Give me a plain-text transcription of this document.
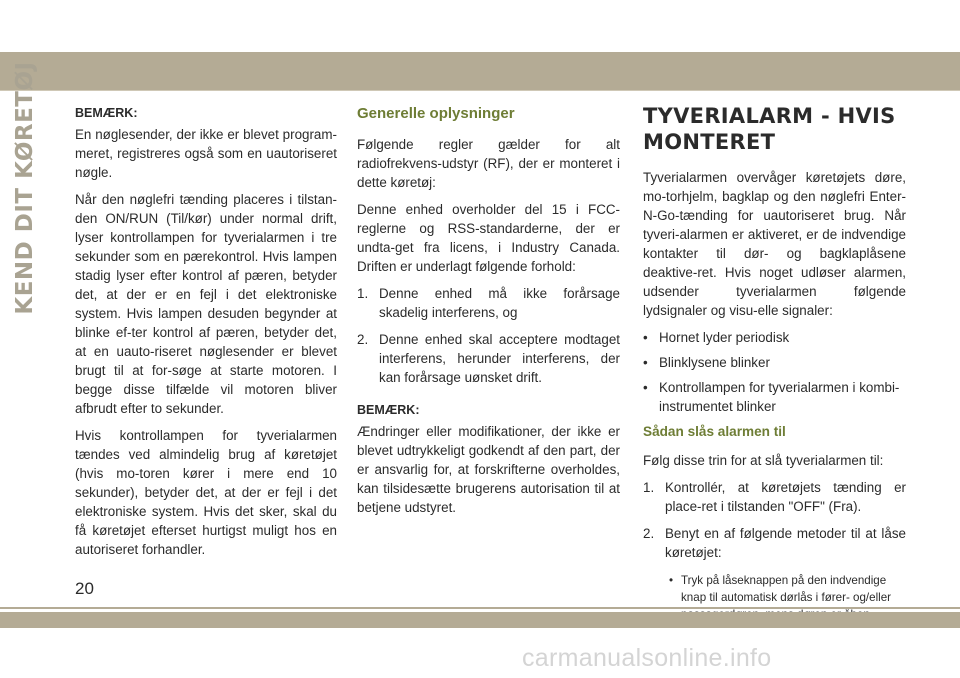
KEND DIT KØRETØJ	BEMÆRK:

En nøglesender, der ikke er blevet program-meret, registreres også som en uautoriseret nøgle.

Når den nøglefri tænding placeres i tilstan-den ON/RUN (Til/kør) under normal drift, lyser kontrollampen for tyverialarmen i tre sekunder som en pærekontrol. Hvis lampen stadig lyser efter kontrol af pæren, betyder det, at der er en fejl i det elektroniske system. Hvis lampen desuden begynder at blinke ef-ter kontrol af pæren, betyder det, at en uauto-riseret nøglesender er blevet brugt til at for-søge at starte motoren. I begge disse tilfælde vil motoren bliver afbrudt efter to sekunder.

Hvis kontrollampen for tyverialarmen tændes ved almindelig brug af køretøjet (hvis mo-toren kører i mere end 10 sekunder), betyder det, at der er fejl i det elektroniske system. Hvis det sker, skal du få køretøjet efterset hurtigst muligt hos en autoriseret forhandler.

Generelle oplysninger

Følgende regler gælder for alt radiofrekvens-udstyr (RF), der er monteret i dette køretøj:

Denne enhed overholder del 15 i FCC-reglerne og RSS-standarderne, der er undta-get fra licens, i Industry Canada. Driften er underlagt følgende forhold:

1. Denne enhed må ikke forårsage skadelig interferens, og
2. Denne enhed skal acceptere modtaget interferens, herunder interferens, der kan forårsage uønsket drift.
BEMÆRK:

Ændringer eller modifikationer, der ikke er blevet udtrykkeligt godkendt af den part, der er ansvarlig for, at forskrifterne overholdes, kan tilsidesætte brugerens autorisation til at betjene udstyret.

TYVERIALARM - HVIS MONTERET

Tyverialarmen overvåger køretøjets døre, mo-torhjelm, bagklap og den nøglefri Enter-N-Go-tænding for uautoriseret brug. Når tyveri-alarmen er aktiveret, er de indvendige kontakter til dør- og bagklaplåsene deaktive-ret. Hvis noget udløser alarmen, udsender tyverialarmen følgende lydsignaler og visu-elle signaler:

• Hornet lyder periodisk
• Blinklysene blinker
• Kontrollampen for tyverialarmen i kombi-instrumentet blinker
Sådan slås alarmen til

Følg disse trin for at slå tyverialarmen til:

1. Kontrollér, at køretøjets tænding er place-ret i tilstanden "OFF" (Fra).
2. Benyt en af følgende metoder til at låse køretøjet:
• Tryk på låseknappen på den indvendige knap til automatisk dørlås i fører- og/eller
20
carmanualsonline.info
